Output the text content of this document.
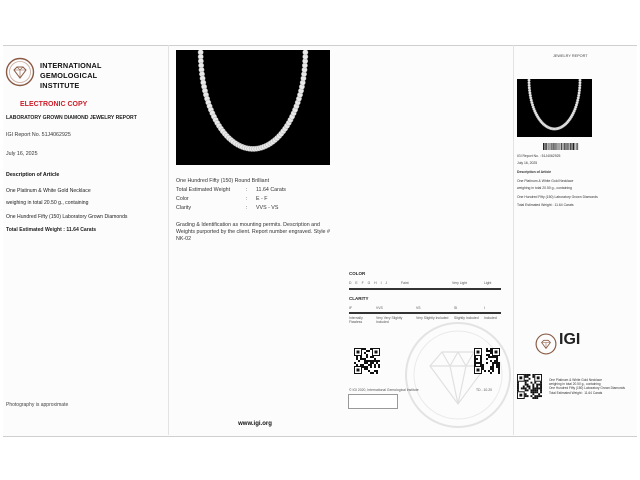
INTERNATIONAL
GEMOLOGICAL
INSTITUTE
ELECTRONIC COPY
LABORATORY GROWN DIAMOND JEWELRY REPORT
IGI Report No. 51J4062925
July 16, 2025
Description of Article
One Platinum & White Gold Necklace
weighing in total 20.50 g., containing
One Hundred Fifty (150) Laboratory Grown Diamonds
Total Estimated Weight : 11.64 Carats
Photography is approximate
One Hundred Fifty (150) Round Brilliant
Total Estimated Weight	: 11.64 Carats
Color	: E - F
Clarity	: VVS - VS
Grading & Identification as mounting permits. Description and Weights purported by the client. Report number engraved. Style # NK-02
COLOR
D E F G H I J	Faint	Very Light	Light
CLARITY
IF	VVS	VS	SI	I
Internally Flawless
Very Very Slightly Included
Very Slightly Included	Slightly Included	Included
© IGI 2020, International Gemological Institute	TD - 10.20
www.igi.org
JEWELRY REPORT
IGI Report No. : 51J4062925
July 16, 2025
Description of Article
One Platinum & White Gold Necklace
weighing in total 20.50 g., containing
One Hundred Fifty (150) Laboratory Grown Diamonds
Total Estimated Weight : 11.64 Carats
IGI
One Platinum & White Gold Necklace
weighing in total 20.50 g., containing
One Hundred Fifty (150) Laboratory Grown Diamonds
Total Estimated Weight : 11.64 Carats
